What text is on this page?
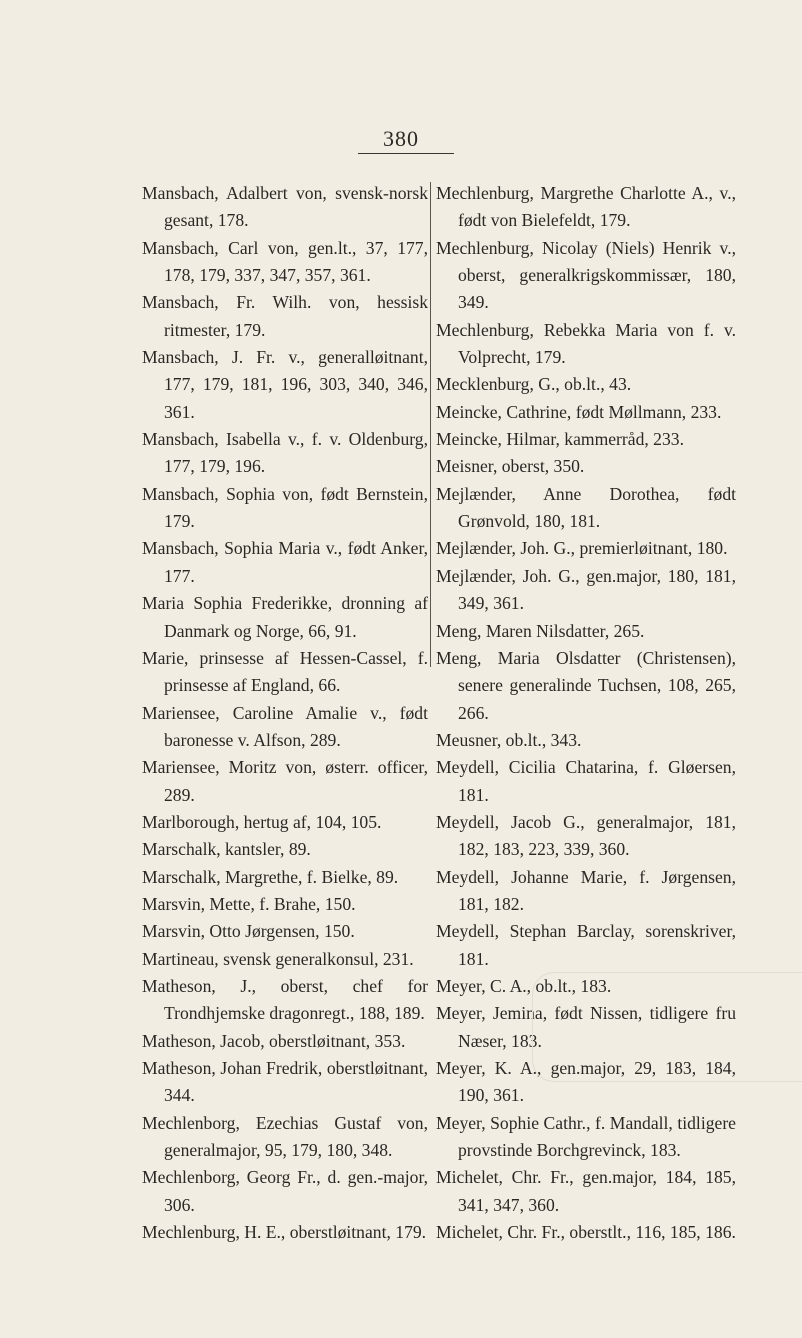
380
Mansbach, Adalbert von, svensk-norsk gesant, 178.
Mansbach, Carl von, gen.lt., 37, 177, 178, 179, 337, 347, 357, 361.
Mansbach, Fr. Wilh. von, hessisk ritmester, 179.
Mansbach, J. Fr. v., generalløitnant, 177, 179, 181, 196, 303, 340, 346, 361.
Mansbach, Isabella v., f. v. Oldenburg, 177, 179, 196.
Mansbach, Sophia von, født Bernstein, 179.
Mansbach, Sophia Maria v., født Anker, 177.
Maria Sophia Frederikke, dronning af Danmark og Norge, 66, 91.
Marie, prinsesse af Hessen-Cassel, f. prinsesse af England, 66.
Mariensee, Caroline Amalie v., født baronesse v. Alfson, 289.
Mariensee, Moritz von, østerr. officer, 289.
Marlborough, hertug af, 104, 105.
Marschalk, kantsler, 89.
Marschalk, Margrethe, f. Bielke, 89.
Marsvin, Mette, f. Brahe, 150.
Marsvin, Otto Jørgensen, 150.
Martineau, svensk generalkonsul, 231.
Matheson, J., oberst, chef for Trondhjemske dragonregt., 188, 189.
Matheson, Jacob, oberstløitnant, 353.
Matheson, Johan Fredrik, oberstløitnant, 344.
Mechlenborg, Ezechias Gustaf von, generalmajor, 95, 179, 180, 348.
Mechlenborg, Georg Fr., d. gen.-major, 306.
Mechlenburg, H. E., oberstløitnant, 179.
Mechlenburg, Margrethe Charlotte A., v., født von Bielefeldt, 179.
Mechlenburg, Nicolay (Niels) Henrik v., oberst, generalkrigskommissær, 180, 349.
Mechlenburg, Rebekka Maria von f. v. Volprecht, 179.
Mecklenburg, G., ob.lt., 43.
Meincke, Cathrine, født Møllmann, 233.
Meincke, Hilmar, kammerråd, 233.
Meisner, oberst, 350.
Mejlænder, Anne Dorothea, født Grønvold, 180, 181.
Mejlænder, Joh. G., premierløitnant, 180.
Mejlænder, Joh. G., gen.major, 180, 181, 349, 361.
Meng, Maren Nilsdatter, 265.
Meng, Maria Olsdatter (Christensen), senere generalinde Tuchsen, 108, 265, 266.
Meusner, ob.lt., 343.
Meydell, Cicilia Chatarina, f. Gløersen, 181.
Meydell, Jacob G., generalmajor, 181, 182, 183, 223, 339, 360.
Meydell, Johanne Marie, f. Jørgensen, 181, 182.
Meydell, Stephan Barclay, sorenskriver, 181.
Meyer, C. A., ob.lt., 183.
Meyer, Jemina, født Nissen, tidligere fru Næser, 183.
Meyer, K. A., gen.major, 29, 183, 184, 190, 361.
Meyer, Sophie Cathr., f. Mandall, tidligere provstinde Borchgrevinck, 183.
Michelet, Chr. Fr., gen.major, 184, 185, 341, 347, 360.
Michelet, Chr. Fr., oberstlt., 116, 185, 186.
